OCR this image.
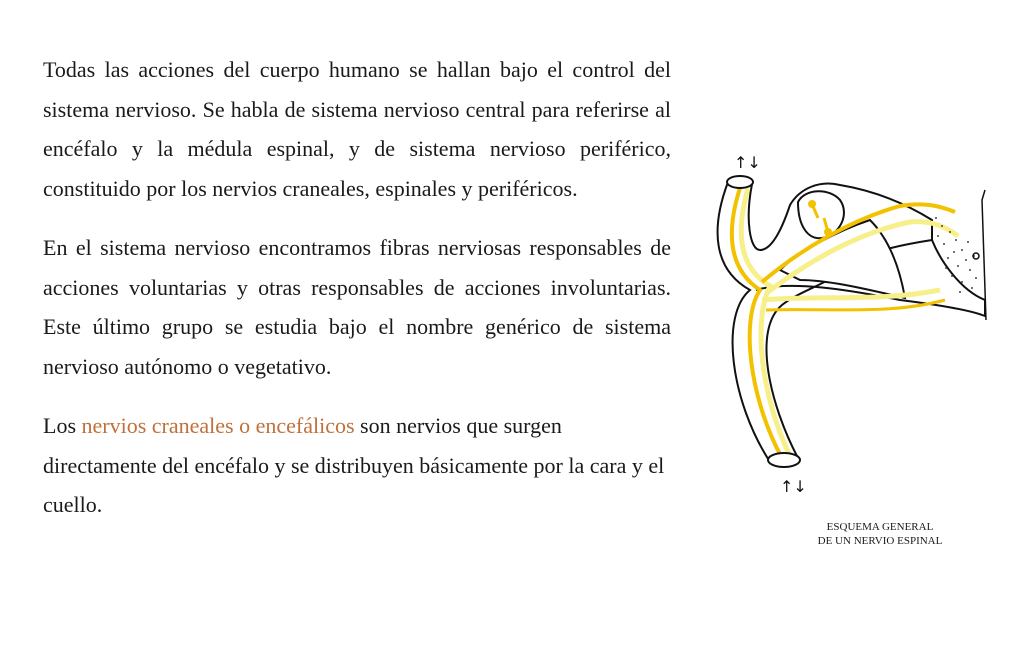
Todas las acciones del cuerpo humano se hallan bajo el control del sistema nervioso. Se habla de sistema nervioso central para referirse al encéfalo y la médula espinal, y de sistema nervioso periférico, constituido por los nervios craneales, espinales y periféricos.

En el sistema nervioso encontramos fibras nerviosas responsables de acciones voluntarias y otras responsables de acciones involuntarias. Este último grupo se estudia bajo el nombre genérico de sistema nervioso autónomo o vegetativo.

Los nervios craneales o encefálicos son nervios que surgen directamente del encéfalo y se distribuyen básicamente por la cara y el cuello.

↑↓
↑↓
ESQUEMA GENERAL
DE UN NERVIO ESPINAL
